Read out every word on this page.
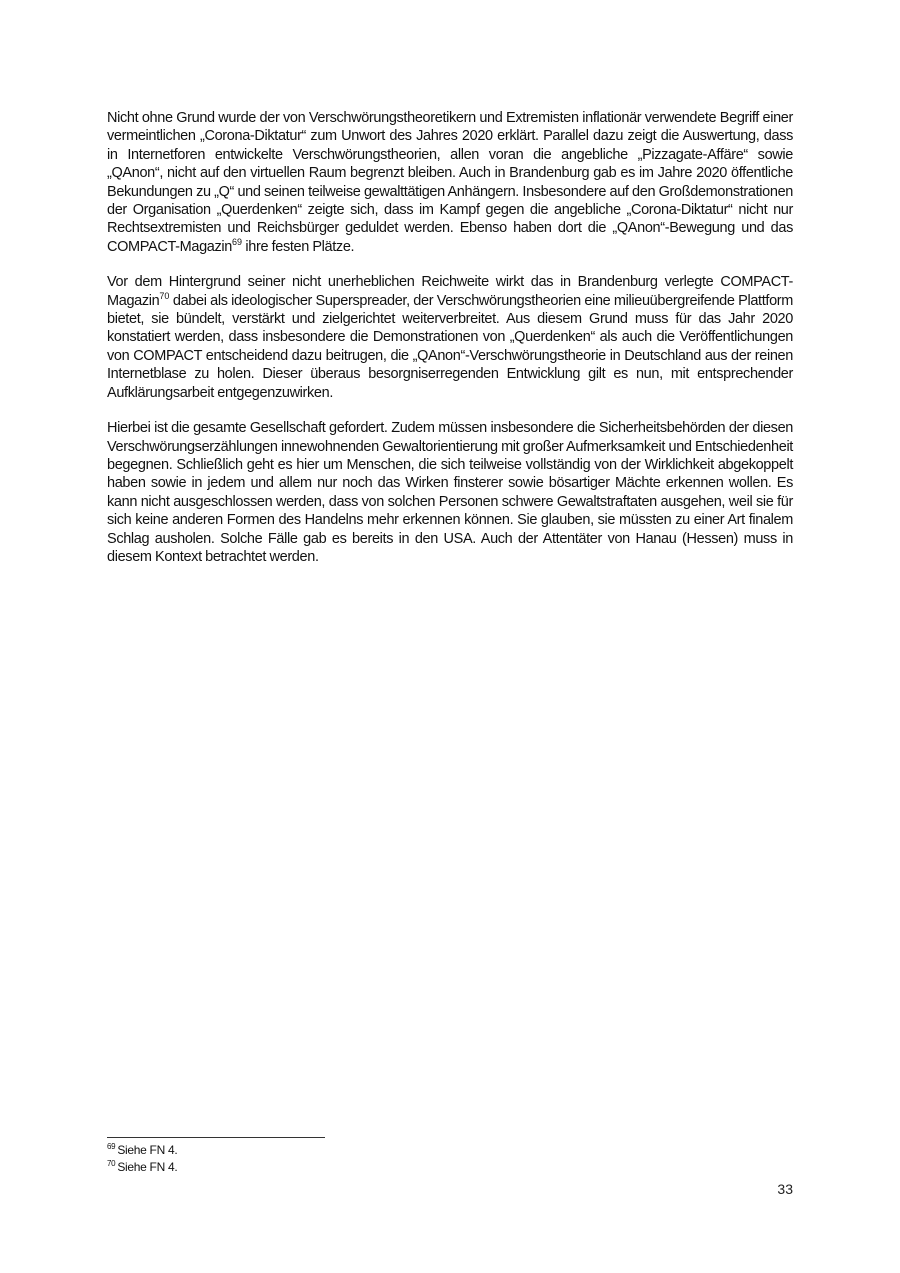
Nicht ohne Grund wurde der von Verschwörungstheoretikern und Extremisten inflationär verwendete Begriff einer vermeintlichen „Corona-Diktatur“ zum Unwort des Jahres 2020 erklärt. Parallel dazu zeigt die Auswertung, dass in Internetforen entwickelte Verschwörungstheorien, allen voran die angebliche „Pizzagate-Affäre“ sowie „QAnon“, nicht auf den virtuellen Raum begrenzt bleiben. Auch in Brandenburg gab es im Jahre 2020 öffentliche Bekundungen zu „Q“ und seinen teilweise gewalttätigen Anhängern. Insbesondere auf den Großdemonstrationen der Organisation „Querdenken“ zeigte sich, dass im Kampf gegen die angebliche „Corona-Diktatur“ nicht nur Rechtsextremisten und Reichsbürger geduldet werden. Ebenso haben dort die „QAnon“-Bewegung und das COMPACT-Magazin$^{69}$ ihre festen Plätze.

Vor dem Hintergrund seiner nicht unerheblichen Reichweite wirkt das in Brandenburg verlegte COMPACT-Magazin$^{70}$ dabei als ideologischer Superspreader, der Verschwörungstheorien eine milieuübergreifende Plattform bietet, sie bündelt, verstärkt und zielgerichtet weiterverbreitet. Aus diesem Grund muss für das Jahr 2020 konstatiert werden, dass insbesondere die Demonstrationen von „Querdenken“ als auch die Veröffentlichungen von COMPACT entscheidend dazu beitrugen, die „QAnon“-Verschwörungstheorie in Deutschland aus der reinen Internetblase zu holen. Dieser überaus besorgniserregenden Entwicklung gilt es nun, mit entsprechender Aufklärungsarbeit entgegenzuwirken.

Hierbei ist die gesamte Gesellschaft gefordert. Zudem müssen insbesondere die Sicherheitsbehörden der diesen Verschwörungserzählungen innewohnenden Gewaltorientierung mit großer Aufmerksamkeit und Entschiedenheit begegnen. Schließlich geht es hier um Menschen, die sich teilweise vollständig von der Wirklichkeit abgekoppelt haben sowie in jedem und allem nur noch das Wirken finsterer sowie bösartiger Mächte erkennen wollen. Es kann nicht ausgeschlossen werden, dass von solchen Personen schwere Gewaltstraftaten ausgehen, weil sie für sich keine anderen Formen des Handelns mehr erkennen können. Sie glauben, sie müssten zu einer Art finalem Schlag ausholen. Solche Fälle gab es bereits in den USA. Auch der Attentäter von Hanau (Hessen) muss in diesem Kontext betrachtet werden.

$^{69}$ Siehe FN 4.

$^{70}$ Siehe FN 4.

33
